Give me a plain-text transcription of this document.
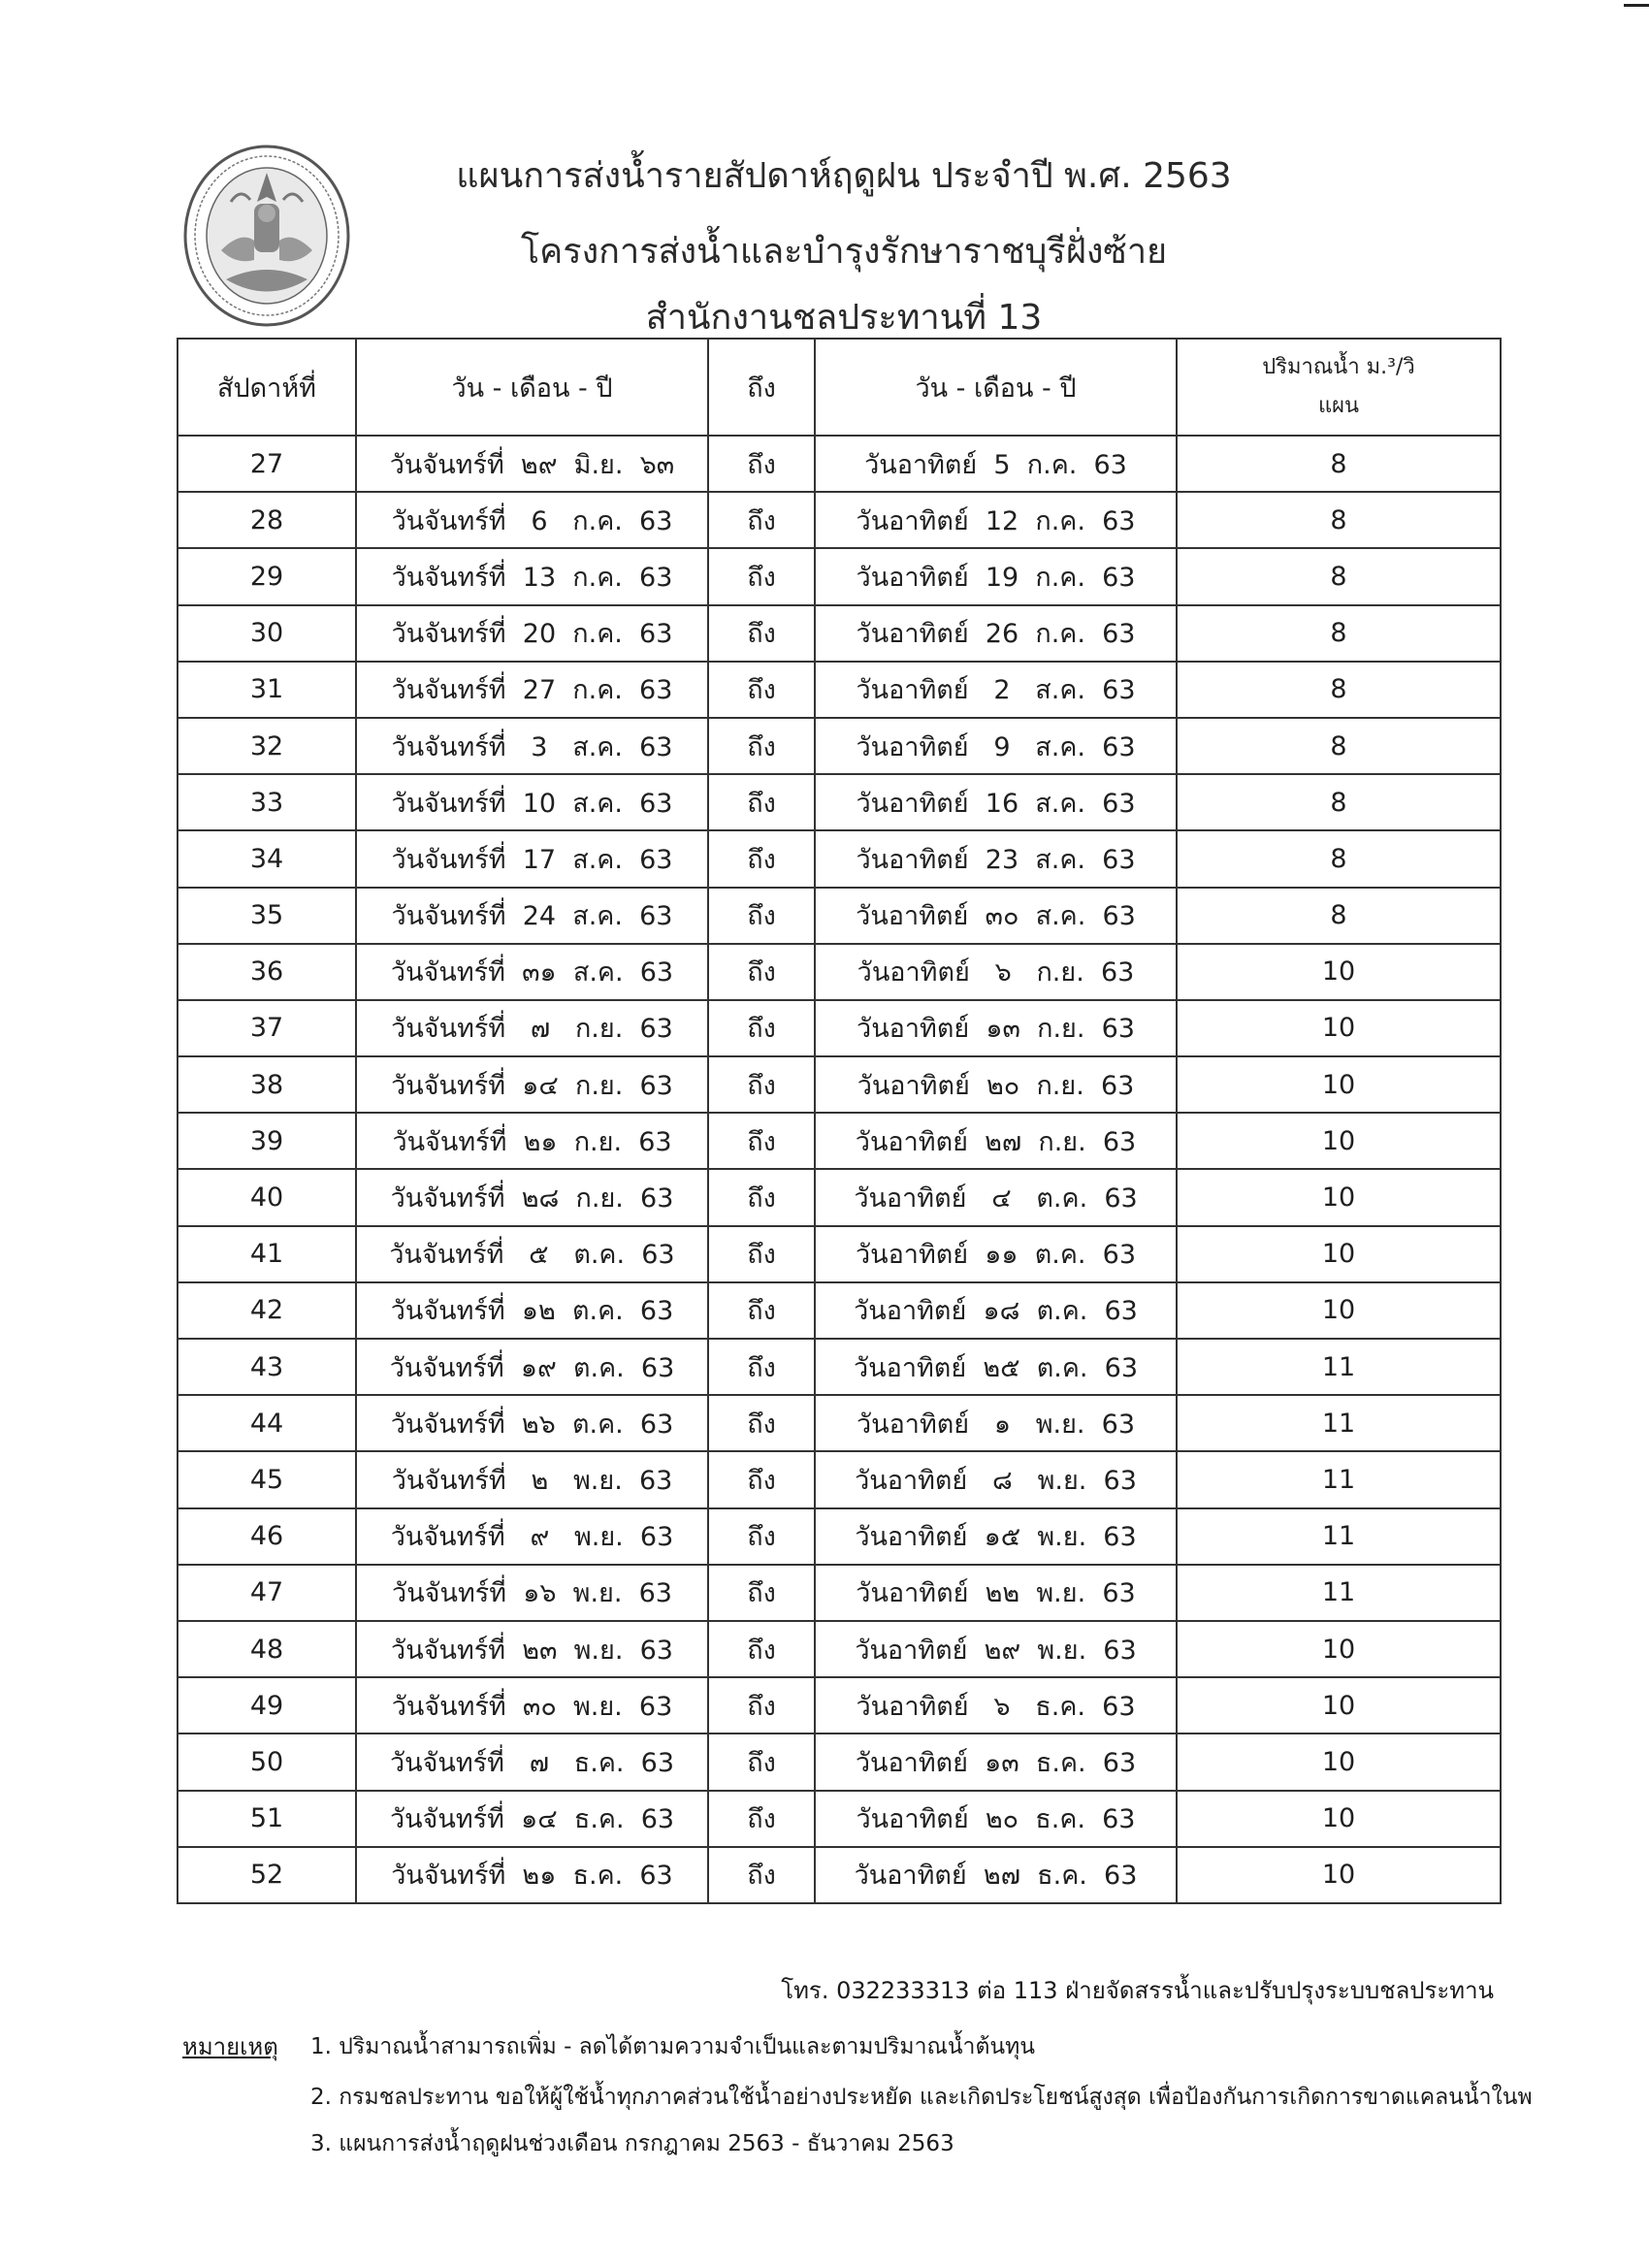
แผนการส่งน้ำรายสัปดาห์ฤดูฝน ประจำปี พ.ศ. 2563
โครงการส่งน้ำและบำรุงรักษาราชบุรีฝั่งซ้าย
สำนักงานชลประทานที่ 13
สัปดาห์ที่	วัน - เดือน - ปี	ถึง	วัน - เดือน - ปี	ปริมาณน้ำ ม.³/วิ
แผน

27	วันจันทร์ที่  ๒๙  มิ.ย.  ๖๓	ถึง	วันอาทิตย์  5  ก.ค.  63	8
28	วันจันทร์ที่   6   ก.ค.  63	ถึง	วันอาทิตย์  12  ก.ค.  63	8
29	วันจันทร์ที่  13  ก.ค.  63	ถึง	วันอาทิตย์  19  ก.ค.  63	8
30	วันจันทร์ที่  20  ก.ค.  63	ถึง	วันอาทิตย์  26  ก.ค.  63	8
31	วันจันทร์ที่  27  ก.ค.  63	ถึง	วันอาทิตย์   2   ส.ค.  63	8
32	วันจันทร์ที่   3   ส.ค.  63	ถึง	วันอาทิตย์   9   ส.ค.  63	8
33	วันจันทร์ที่  10  ส.ค.  63	ถึง	วันอาทิตย์  16  ส.ค.  63	8
34	วันจันทร์ที่  17  ส.ค.  63	ถึง	วันอาทิตย์  23  ส.ค.  63	8
35	วันจันทร์ที่  24  ส.ค.  63	ถึง	วันอาทิตย์  ๓๐  ส.ค.  63	8
36	วันจันทร์ที่  ๓๑  ส.ค.  63	ถึง	วันอาทิตย์   ๖   ก.ย.  63	10
37	วันจันทร์ที่   ๗   ก.ย.  63	ถึง	วันอาทิตย์  ๑๓  ก.ย.  63	10
38	วันจันทร์ที่  ๑๔  ก.ย.  63	ถึง	วันอาทิตย์  ๒๐  ก.ย.  63	10
39	วันจันทร์ที่  ๒๑  ก.ย.  63	ถึง	วันอาทิตย์  ๒๗  ก.ย.  63	10
40	วันจันทร์ที่  ๒๘  ก.ย.  63	ถึง	วันอาทิตย์   ๔   ต.ค.  63	10
41	วันจันทร์ที่   ๕   ต.ค.  63	ถึง	วันอาทิตย์  ๑๑  ต.ค.  63	10
42	วันจันทร์ที่  ๑๒  ต.ค.  63	ถึง	วันอาทิตย์  ๑๘  ต.ค.  63	10
43	วันจันทร์ที่  ๑๙  ต.ค.  63	ถึง	วันอาทิตย์  ๒๕  ต.ค.  63	11
44	วันจันทร์ที่  ๒๖  ต.ค.  63	ถึง	วันอาทิตย์   ๑   พ.ย.  63	11
45	วันจันทร์ที่   ๒   พ.ย.  63	ถึง	วันอาทิตย์   ๘   พ.ย.  63	11
46	วันจันทร์ที่   ๙   พ.ย.  63	ถึง	วันอาทิตย์  ๑๕  พ.ย.  63	11
47	วันจันทร์ที่  ๑๖  พ.ย.  63	ถึง	วันอาทิตย์  ๒๒  พ.ย.  63	11
48	วันจันทร์ที่  ๒๓  พ.ย.  63	ถึง	วันอาทิตย์  ๒๙  พ.ย.  63	10
49	วันจันทร์ที่  ๓๐  พ.ย.  63	ถึง	วันอาทิตย์   ๖   ธ.ค.  63	10
50	วันจันทร์ที่   ๗   ธ.ค.  63	ถึง	วันอาทิตย์  ๑๓  ธ.ค.  63	10
51	วันจันทร์ที่  ๑๔  ธ.ค.  63	ถึง	วันอาทิตย์  ๒๐  ธ.ค.  63	10
52	วันจันทร์ที่  ๒๑  ธ.ค.  63	ถึง	วันอาทิตย์  ๒๗  ธ.ค.  63	10
โทร. 032233313 ต่อ 113 ฝ่ายจัดสรรน้ำและปรับปรุงระบบชลประทาน
หมายเหตุ 1. ปริมาณน้ำสามารถเพิ่ม - ลดได้ตามความจำเป็นและตามปริมาณน้ำต้นทุน
2. กรมชลประทาน ขอให้ผู้ใช้น้ำทุกภาคส่วนใช้น้ำอย่างประหยัด และเกิดประโยชน์สูงสุด เพื่อป้องกันการเกิดการขาดแคลนน้ำในพ
3. แผนการส่งน้ำฤดูฝนช่วงเดือน กรกฎาคม 2563 - ธันวาคม 2563
